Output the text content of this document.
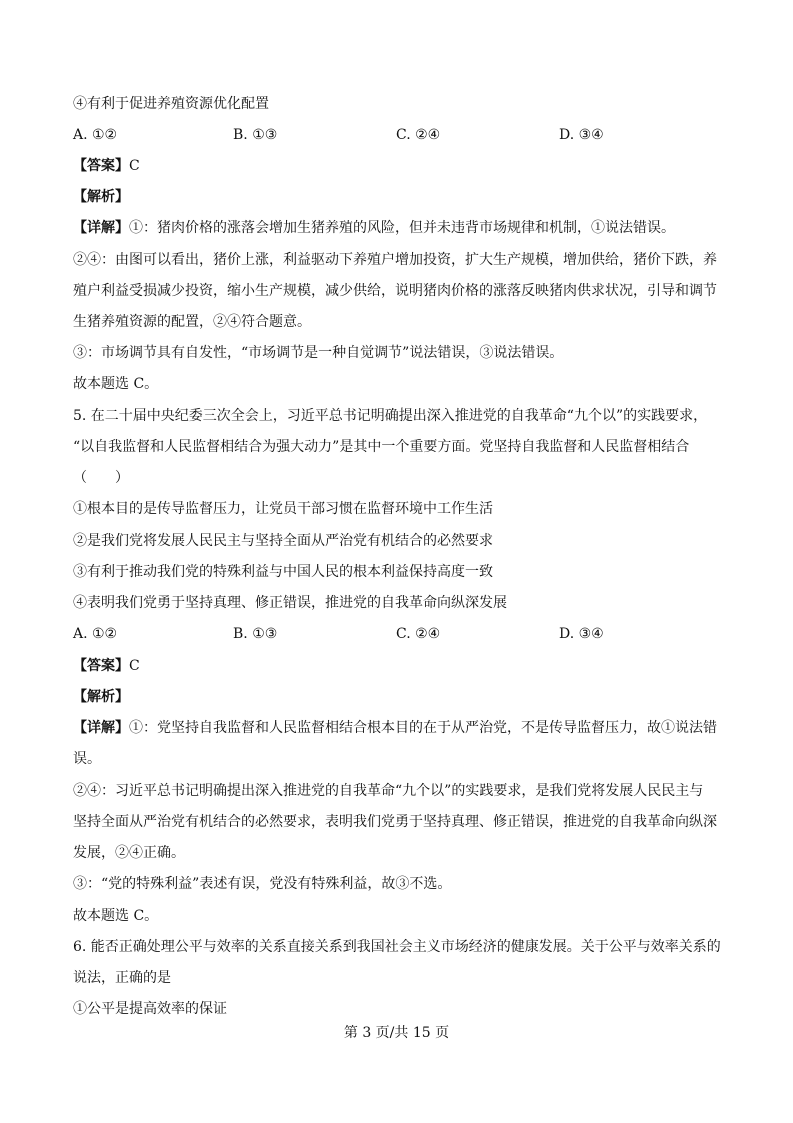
④有利于促进养殖资源优化配置
A. ①②	B. ①③	C. ②④	D. ③④
【答案】C
【解析】
【详解】①：猪肉价格的涨落会增加生猪养殖的风险，但并未违背市场规律和机制，①说法错误。
②④：由图可以看出，猪价上涨，利益驱动下养殖户增加投资，扩大生产规模，增加供给，猪价下跌，养
殖户利益受损减少投资，缩小生产规模，减少供给，说明猪肉价格的涨落反映猪肉供求状况，引导和调节
生猪养殖资源的配置，②④符合题意。
③：市场调节具有自发性，“市场调节是一种自觉调节”说法错误，③说法错误。
故本题选 C。
5. 在二十届中央纪委三次全会上，习近平总书记明确提出深入推进党的自我革命“九个以”的实践要求，
“以自我监督和人民监督相结合为强大动力”是其中一个重要方面。党坚持自我监督和人民监督相结合
（　　）
①根本目的是传导监督压力，让党员干部习惯在监督环境中工作生活
②是我们党将发展人民民主与坚持全面从严治党有机结合的必然要求
③有利于推动我们党的特殊利益与中国人民的根本利益保持高度一致
④表明我们党勇于坚持真理、修正错误，推进党的自我革命向纵深发展
A. ①②	B. ①③	C. ②④	D. ③④
【答案】C
【解析】
【详解】①：党坚持自我监督和人民监督相结合根本目的在于从严治党，不是传导监督压力，故①说法错
误。
②④：习近平总书记明确提出深入推进党的自我革命“九个以”的实践要求，是我们党将发展人民民主与
坚持全面从严治党有机结合的必然要求，表明我们党勇于坚持真理、修正错误，推进党的自我革命向纵深
发展，②④正确。
③：“党的特殊利益”表述有误，党没有特殊利益，故③不选。
故本题选 C。
6. 能否正确处理公平与效率的关系直接关系到我国社会主义市场经济的健康发展。关于公平与效率关系的
说法，正确的是
①公平是提高效率的保证
第 3 页/共 15 页
